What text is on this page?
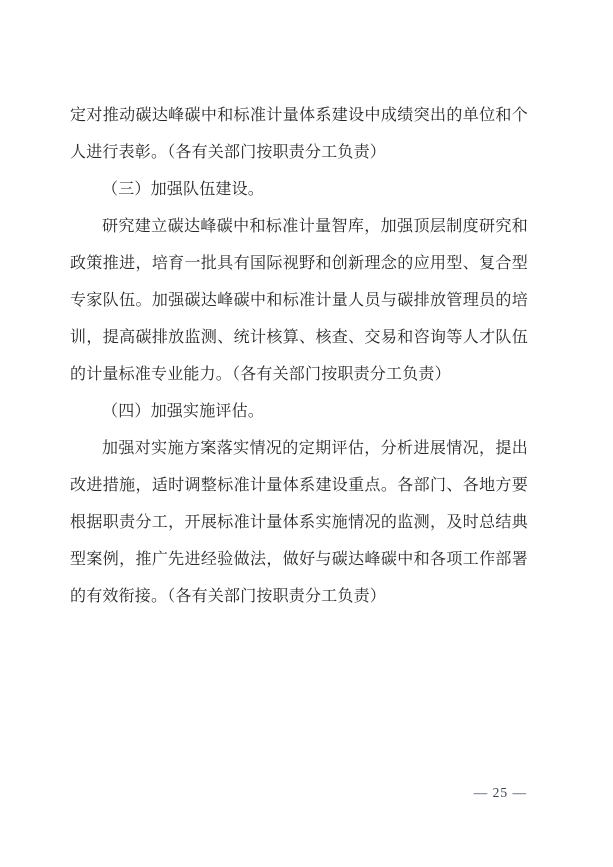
定对推动碳达峰碳中和标准计量体系建设中成绩突出的单位和个
人进行表彰。（各有关部门按职责分工负责）
（三）加强队伍建设。
研究建立碳达峰碳中和标准计量智库，加强顶层制度研究和
政策推进，培育一批具有国际视野和创新理念的应用型、复合型
专家队伍。加强碳达峰碳中和标准计量人员与碳排放管理员的培
训，提高碳排放监测、统计核算、核查、交易和咨询等人才队伍
的计量标准专业能力。（各有关部门按职责分工负责）
（四）加强实施评估。
加强对实施方案落实情况的定期评估，分析进展情况，提出
改进措施，适时调整标准计量体系建设重点。各部门、各地方要
根据职责分工，开展标准计量体系实施情况的监测，及时总结典
型案例，推广先进经验做法，做好与碳达峰碳中和各项工作部署
的有效衔接。（各有关部门按职责分工负责）
— 25 —
